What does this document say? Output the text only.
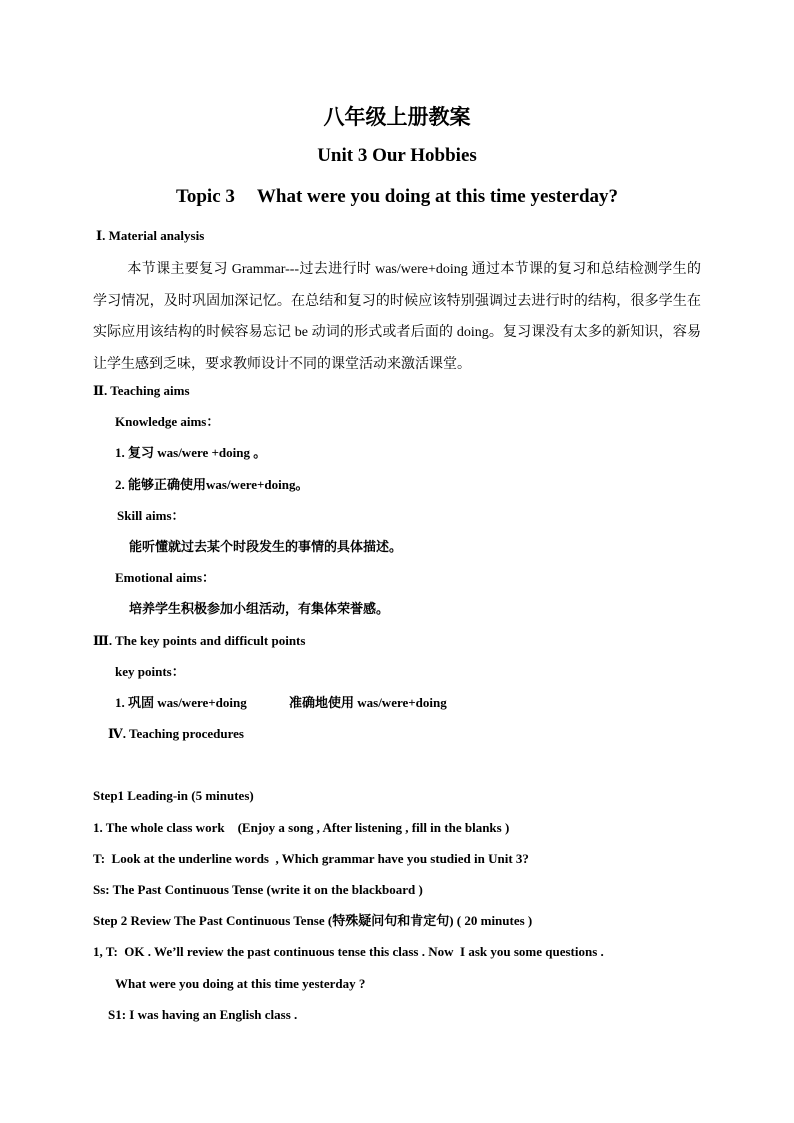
八年级上册教案
Unit 3 Our Hobbies
Topic 3 What were you doing at this time yesterday?
Ⅰ. Material analysis
本节课主要复习 Grammar---过去进行时 was/were+doing 通过本节课的复习和总结检测学生的学习情况，及时巩固加深记忆。在总结和复习的时候应该特别强调过去进行时的结构，很多学生在实际应用该结构的时候容易忘记 be 动词的形式或者后面的 doing。复习课没有太多的新知识，容易让学生感到乏味，要求教师设计不同的课堂活动来激活课堂。
Ⅱ. Teaching aims
Knowledge aims：
1. 复习 was/were +doing 。
2. 能够正确使用was/were+doing。
Skill aims：
能听懂就过去某个时段发生的事情的具体描述。
Emotional aims：
培养学生积极参加小组活动，有集体荣誉感。
Ⅲ. The key points and difficult points
key points：
1. 巩固 was/were+doing	准确地使用 was/were+doing
Ⅳ. Teaching procedures
Step1 Leading-in (5 minutes)
1. The whole class work    (Enjoy a song , After listening , fill in the blanks )
T:  Look at the underline words  , Which grammar have you studied in Unit 3?
Ss: The Past Continuous Tense (write it on the blackboard )
Step 2 Review The Past Continuous Tense (特殊疑问句和肯定句) ( 20 minutes )
1, T:  OK . We’ll review the past continuous tense this class . Now  I ask you some questions .
What were you doing at this time yesterday ?
S1: I was having an English class .
